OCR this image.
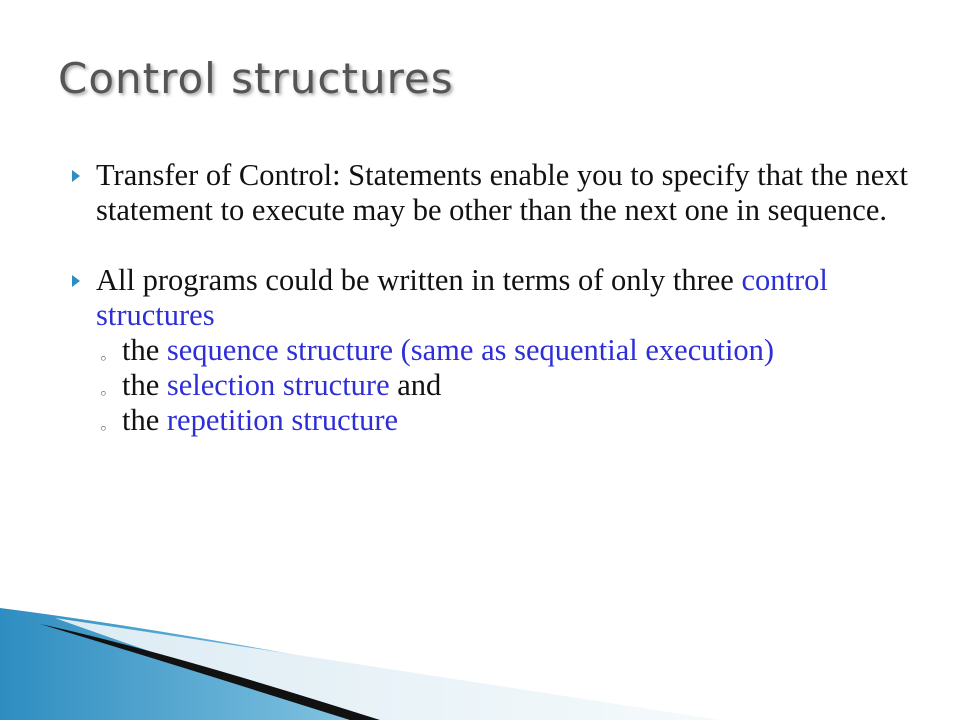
Control structures
Transfer of Control: Statements enable you to specify that the next statement to execute may be other than the next one in sequence.
All programs could be written in terms of only three control structures
◦ the sequence structure (same as sequential execution)
◦ the selection structure and
◦ the repetition structure
